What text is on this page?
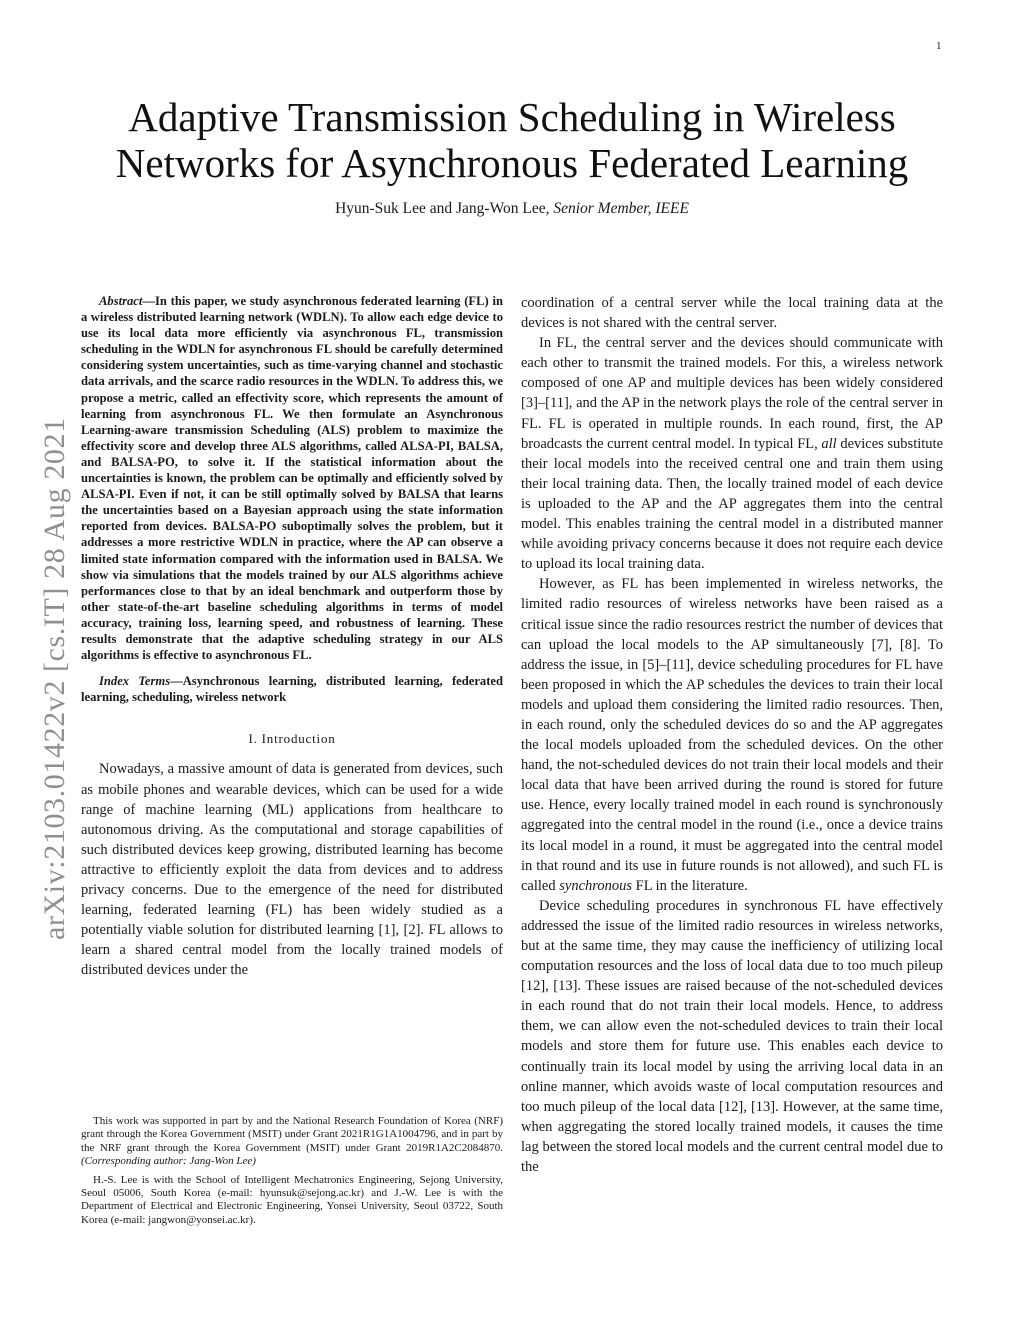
1
arXiv:2103.01422v2 [cs.IT] 28 Aug 2021
Adaptive Transmission Scheduling in Wireless
Networks for Asynchronous Federated Learning
Hyun-Suk Lee and Jang-Won Lee, Senior Member, IEEE

Abstract—In this paper, we study asynchronous federated learning (FL) in a wireless distributed learning network (WDLN). To allow each edge device to use its local data more efficiently via asynchronous FL, transmission scheduling in the WDLN for asynchronous FL should be carefully determined considering system uncertainties, such as time-varying channel and stochastic data arrivals, and the scarce radio resources in the WDLN. To address this, we propose a metric, called an effectivity score, which represents the amount of learning from asynchronous FL. We then formulate an Asynchronous Learning-aware transmission Scheduling (ALS) problem to maximize the effectivity score and develop three ALS algorithms, called ALSA-PI, BALSA, and BALSA-PO, to solve it. If the statistical information about the uncertainties is known, the problem can be optimally and efficiently solved by ALSA-PI. Even if not, it can be still optimally solved by BALSA that learns the uncertainties based on a Bayesian approach using the state information reported from devices. BALSA-PO suboptimally solves the problem, but it addresses a more restrictive WDLN in practice, where the AP can observe a limited state information compared with the information used in BALSA. We show via simulations that the models trained by our ALS algorithms achieve performances close to that by an ideal benchmark and outperform those by other state-of-the-art baseline scheduling algorithms in terms of model accuracy, training loss, learning speed, and robustness of learning. These results demonstrate that the adaptive scheduling strategy in our ALS algorithms is effective to asynchronous FL.

Index Terms—Asynchronous learning, distributed learning, federated learning, scheduling, wireless network

I. Introduction

Nowadays, a massive amount of data is generated from devices, such as mobile phones and wearable devices, which can be used for a wide range of machine learning (ML) applications from healthcare to autonomous driving. As the computational and storage capabilities of such distributed devices keep growing, distributed learning has become attractive to efficiently exploit the data from devices and to address privacy concerns. Due to the emergence of the need for distributed learning, federated learning (FL) has been widely studied as a potentially viable solution for distributed learning [1], [2]. FL allows to learn a shared central model from the locally trained models of distributed devices under the

This work was supported in part by and the National Research Foundation of Korea (NRF) grant through the Korea Government (MSIT) under Grant 2021R1G1A1004796, and in part by the NRF grant through the Korea Government (MSIT) under Grant 2019R1A2C2084870. (Corresponding author: Jang-Won Lee)

H.-S. Lee is with the School of Intelligent Mechatronics Engineering, Sejong University, Seoul 05006, South Korea (e-mail: hyunsuk@sejong.ac.kr) and J.-W. Lee is with the Department of Electrical and Electronic Engineering, Yonsei University, Seoul 03722, South Korea (e-mail: jangwon@yonsei.ac.kr).

coordination of a central server while the local training data at the devices is not shared with the central server.

In FL, the central server and the devices should communicate with each other to transmit the trained models. For this, a wireless network composed of one AP and multiple devices has been widely considered [3]–[11], and the AP in the network plays the role of the central server in FL. FL is operated in multiple rounds. In each round, first, the AP broadcasts the current central model. In typical FL, all devices substitute their local models into the received central one and train them using their local training data. Then, the locally trained model of each device is uploaded to the AP and the AP aggregates them into the central model. This enables training the central model in a distributed manner while avoiding privacy concerns because it does not require each device to upload its local training data.

However, as FL has been implemented in wireless networks, the limited radio resources of wireless networks have been raised as a critical issue since the radio resources restrict the number of devices that can upload the local models to the AP simultaneously [7], [8]. To address the issue, in [5]–[11], device scheduling procedures for FL have been proposed in which the AP schedules the devices to train their local models and upload them considering the limited radio resources. Then, in each round, only the scheduled devices do so and the AP aggregates the local models uploaded from the scheduled devices. On the other hand, the not-scheduled devices do not train their local models and their local data that have been arrived during the round is stored for future use. Hence, every locally trained model in each round is synchronously aggregated into the central model in the round (i.e., once a device trains its local model in a round, it must be aggregated into the central model in that round and its use in future rounds is not allowed), and such FL is called synchronous FL in the literature.

Device scheduling procedures in synchronous FL have effectively addressed the issue of the limited radio resources in wireless networks, but at the same time, they may cause the inefficiency of utilizing local computation resources and the loss of local data due to too much pileup [12], [13]. These issues are raised because of the not-scheduled devices in each round that do not train their local models. Hence, to address them, we can allow even the not-scheduled devices to train their local models and store them for future use. This enables each device to continually train its local model by using the arriving local data in an online manner, which avoids waste of local computation resources and too much pileup of the local data [12], [13]. However, at the same time, when aggregating the stored locally trained models, it causes the time lag between the stored local models and the current central model due to the
